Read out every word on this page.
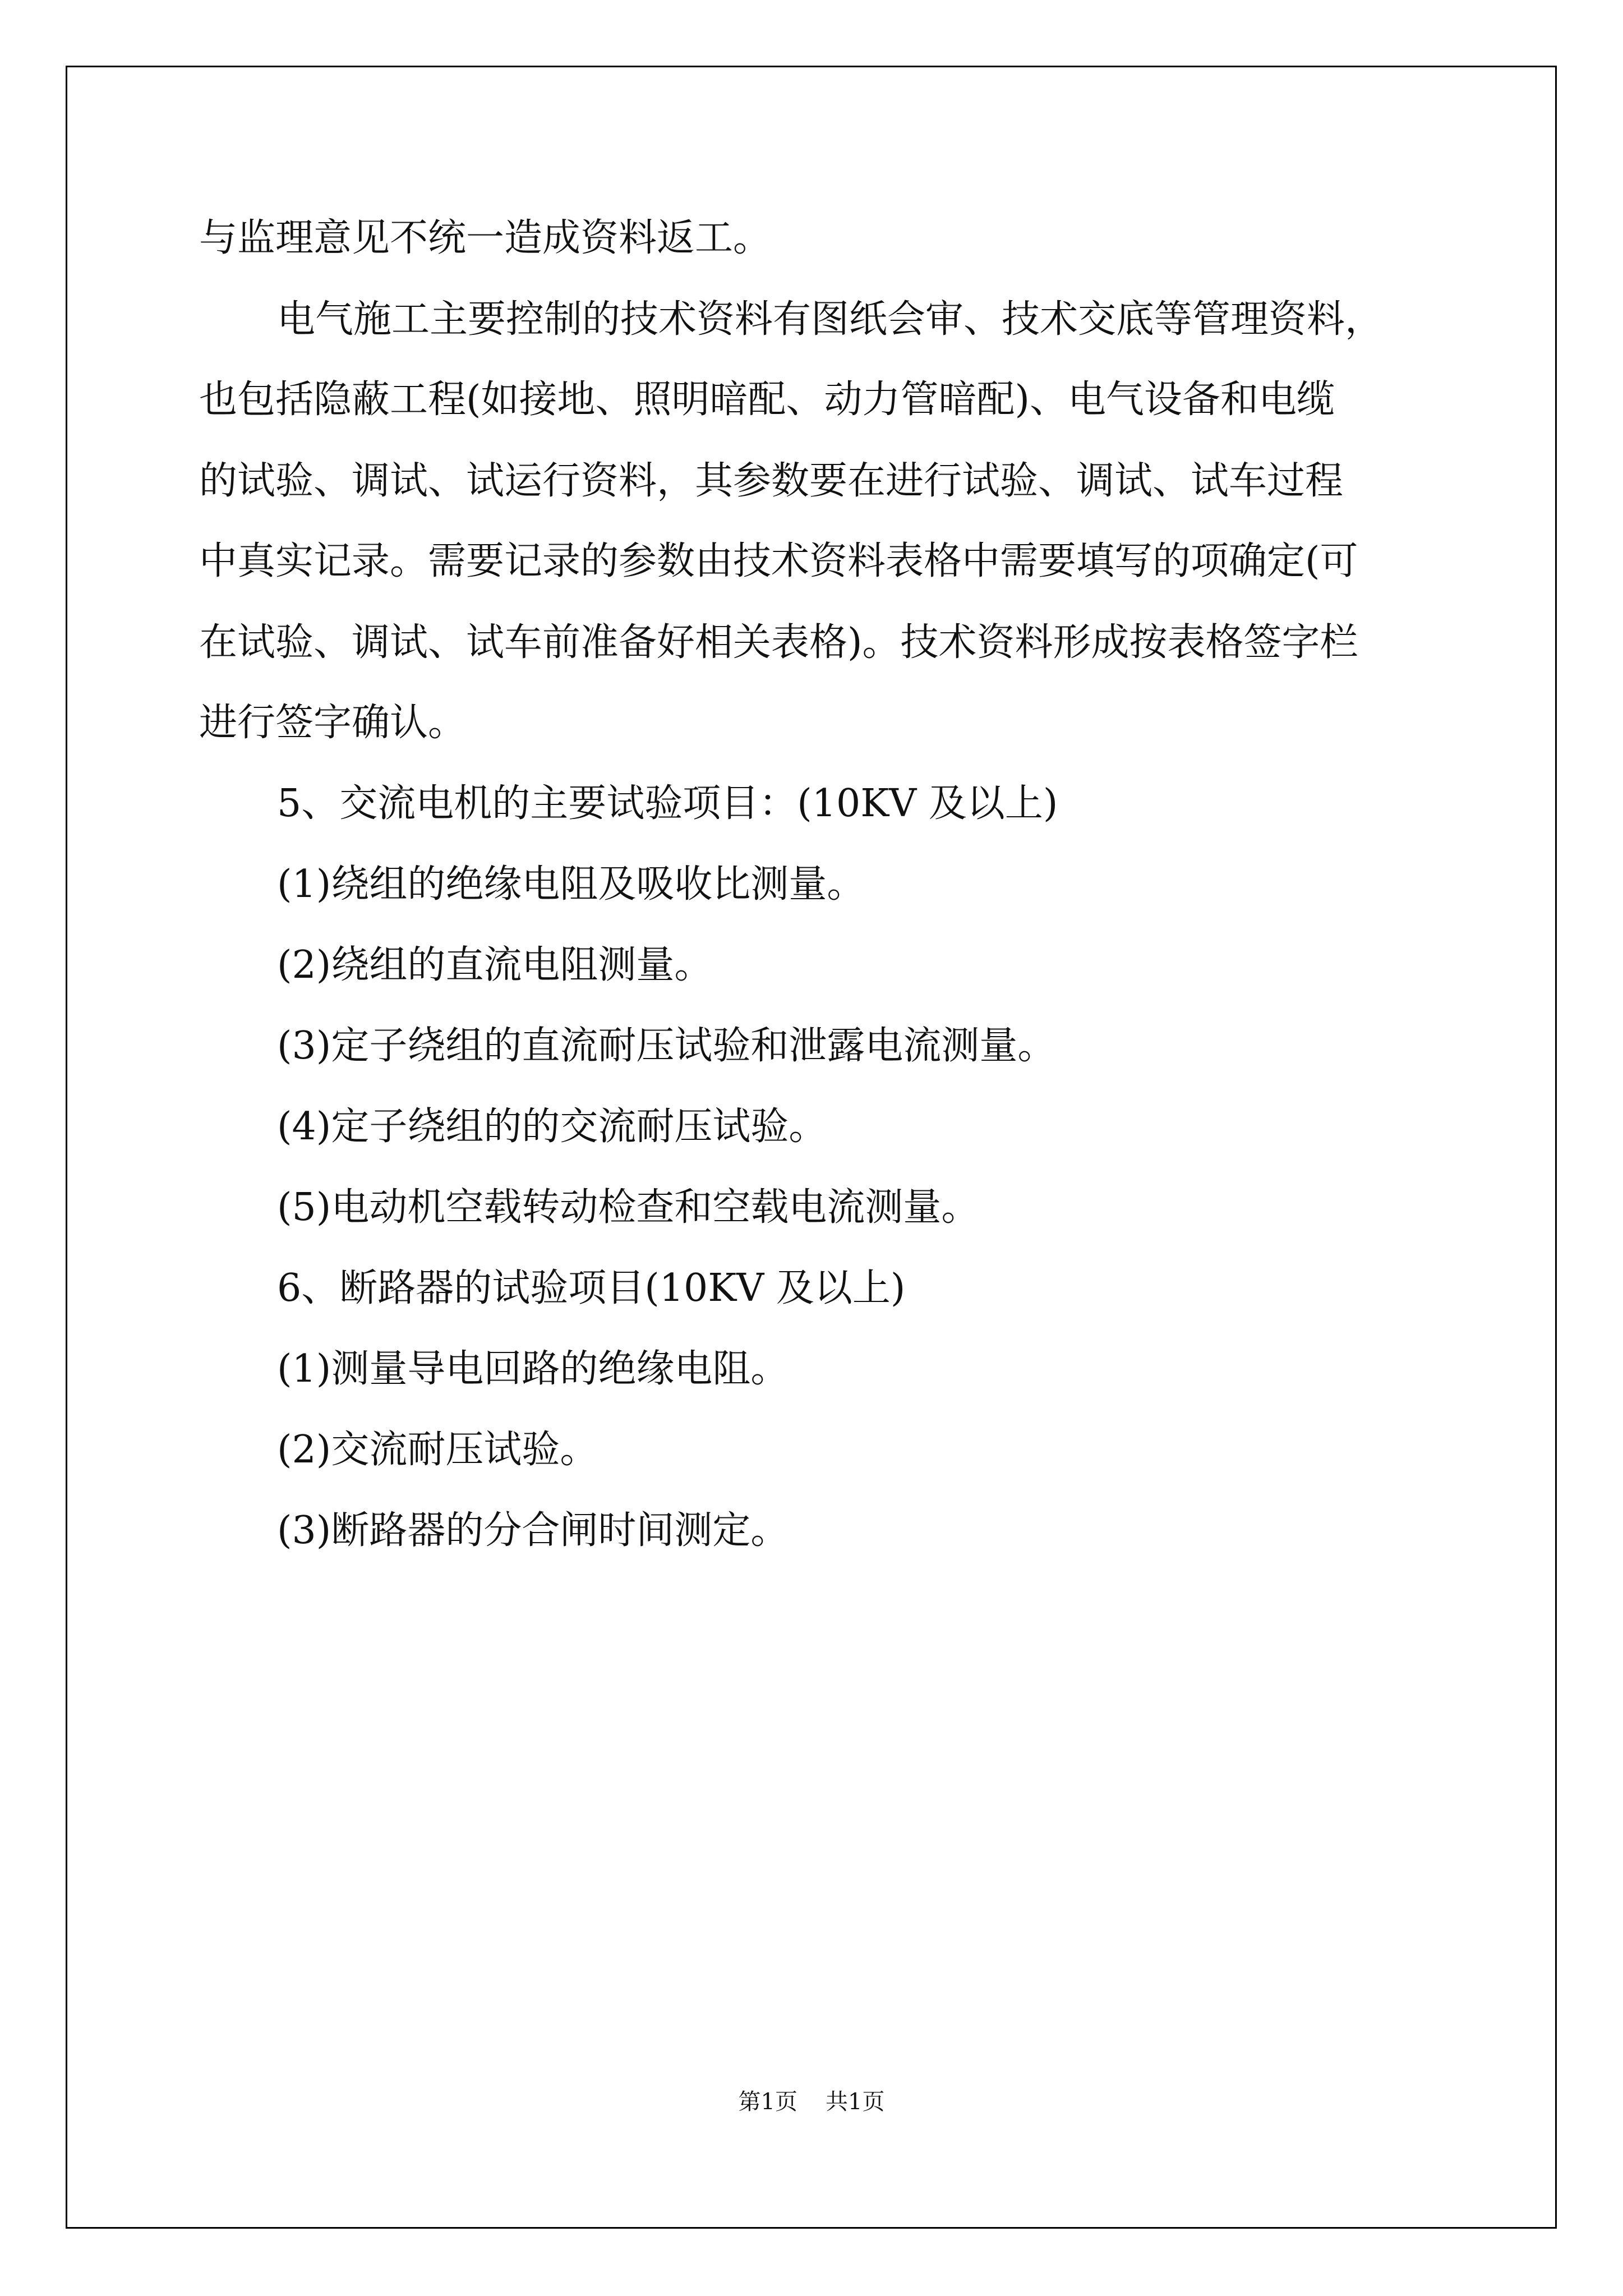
与监理意见不统一造成资料返工。

电气施工主要控制的技术资料有图纸会审、技术交底等管理资料，

也包括隐蔽工程(如接地、照明暗配、动力管暗配)、电气设备和电缆

的试验、调试、试运行资料，其参数要在进行试验、调试、试车过程

中真实记录。需要记录的参数由技术资料表格中需要填写的项确定(可

在试验、调试、试车前准备好相关表格)。技术资料形成按表格签字栏

进行签字确认。

5、交流电机的主要试验项目：(10KV 及以上)

(1)绕组的绝缘电阻及吸收比测量。

(2)绕组的直流电阻测量。

(3)定子绕组的直流耐压试验和泄露电流测量。

(4)定子绕组的的交流耐压试验。

(5)电动机空载转动检查和空载电流测量。

6、断路器的试验项目(10KV 及以上)

(1)测量导电回路的绝缘电阻。

(2)交流耐压试验。

(3)断路器的分合闸时间测定。

第1页 共1页
